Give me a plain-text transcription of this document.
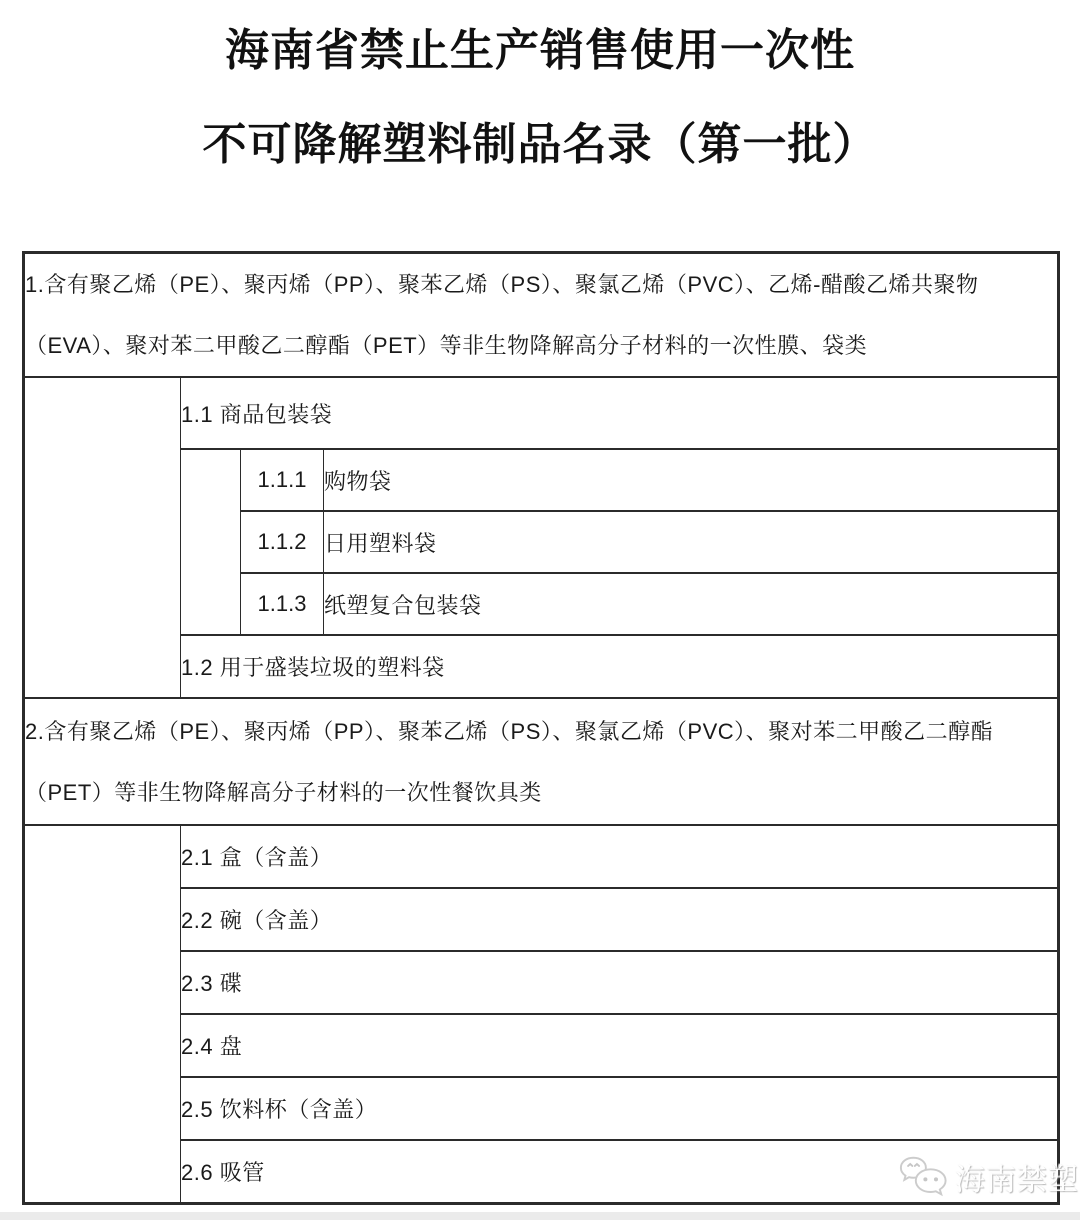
海南省禁止生产销售使用一次性
不可降解塑料制品名录（第一批）
1.含有聚乙烯（PE）、聚丙烯（PP）、聚苯乙烯（PS）、聚氯乙烯（PVC）、乙烯-醋酸乙烯共聚物（EVA）、聚对苯二甲酸乙二醇酯（PET）等非生物降解高分子材料的一次性膜、袋类			
	1.1 商品包装袋		
		1.1.1	购物袋
		1.1.2	日用塑料袋
		1.1.3	纸塑复合包装袋
	1.2 用于盛装垃圾的塑料袋		
2.含有聚乙烯（PE）、聚丙烯（PP）、聚苯乙烯（PS）、聚氯乙烯（PVC）、聚对苯二甲酸乙二醇酯（PET）等非生物降解高分子材料的一次性餐饮具类			
	2.1 盒（含盖）		
	2.2 碗（含盖）		
	2.3 碟		
	2.4 盘		
	2.5 饮料杯（含盖）		
	2.6 吸管			海南禁塑
